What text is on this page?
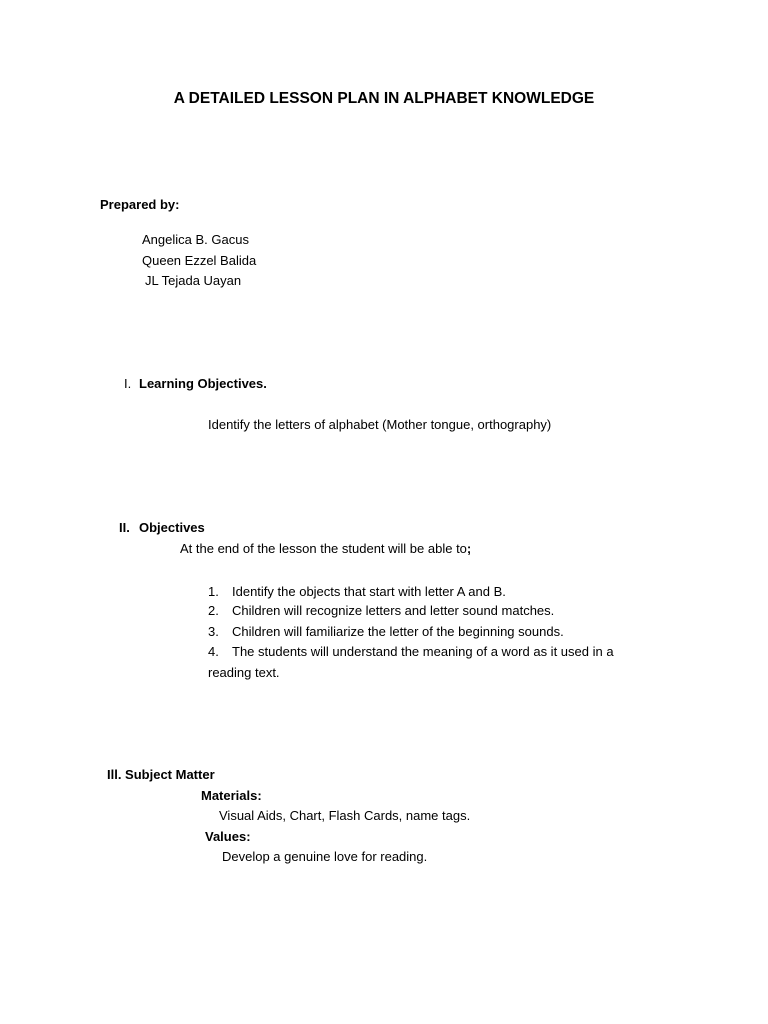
A DETAILED LESSON PLAN IN ALPHABET KNOWLEDGE
Prepared by:
Angelica B. Gacus
Queen Ezzel Balida
JL Tejada Uayan
I. Learning Objectives.
Identify the letters of alphabet (Mother tongue, orthography)
II. Objectives
At the end of the lesson the student will be able to;
1. Identify the objects that start with letter A and B.
2. Children will recognize letters and letter sound matches.
3. Children will familiarize the letter of the beginning sounds.
4. The students will understand the meaning of a word as it used in a
reading text.
Ill. Subject Matter
Materials:
Visual Aids, Chart, Flash Cards, name tags.
Values:
Develop a genuine love for reading.
